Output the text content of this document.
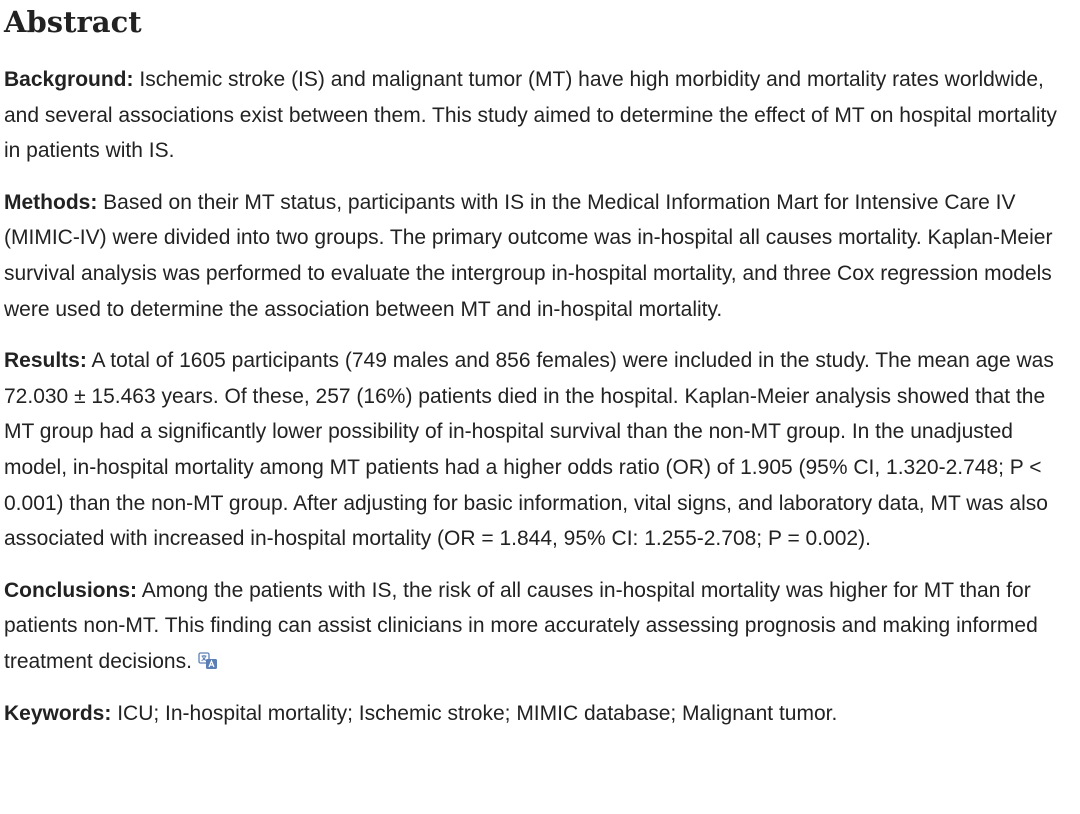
Abstract

Background: Ischemic stroke (IS) and malignant tumor (MT) have high morbidity and mortality rates worldwide, and several associations exist between them. This study aimed to determine the effect of MT on hospital mortality in patients with IS.

Methods: Based on their MT status, participants with IS in the Medical Information Mart for Intensive Care IV (MIMIC-IV) were divided into two groups. The primary outcome was in-hospital all causes mortality. Kaplan-Meier survival analysis was performed to evaluate the intergroup in-hospital mortality, and three Cox regression models were used to determine the association between MT and in-hospital mortality.

Results: A total of 1605 participants (749 males and 856 females) were included in the study. The mean age was 72.030 ± 15.463 years. Of these, 257 (16%) patients died in the hospital. Kaplan-Meier analysis showed that the MT group had a significantly lower possibility of in-hospital survival than the non-MT group. In the unadjusted model, in-hospital mortality among MT patients had a higher odds ratio (OR) of 1.905 (95% CI, 1.320-2.748; P < 0.001) than the non-MT group. After adjusting for basic information, vital signs, and laboratory data, MT was also associated with increased in-hospital mortality (OR = 1.844, 95% CI: 1.255-2.708; P = 0.002).

Conclusions: Among the patients with IS, the risk of all causes in-hospital mortality was higher for MT than for patients non-MT. This finding can assist clinicians in more accurately assessing prognosis and making informed treatment decisions.

Keywords: ICU; In-hospital mortality; Ischemic stroke; MIMIC database; Malignant tumor.
